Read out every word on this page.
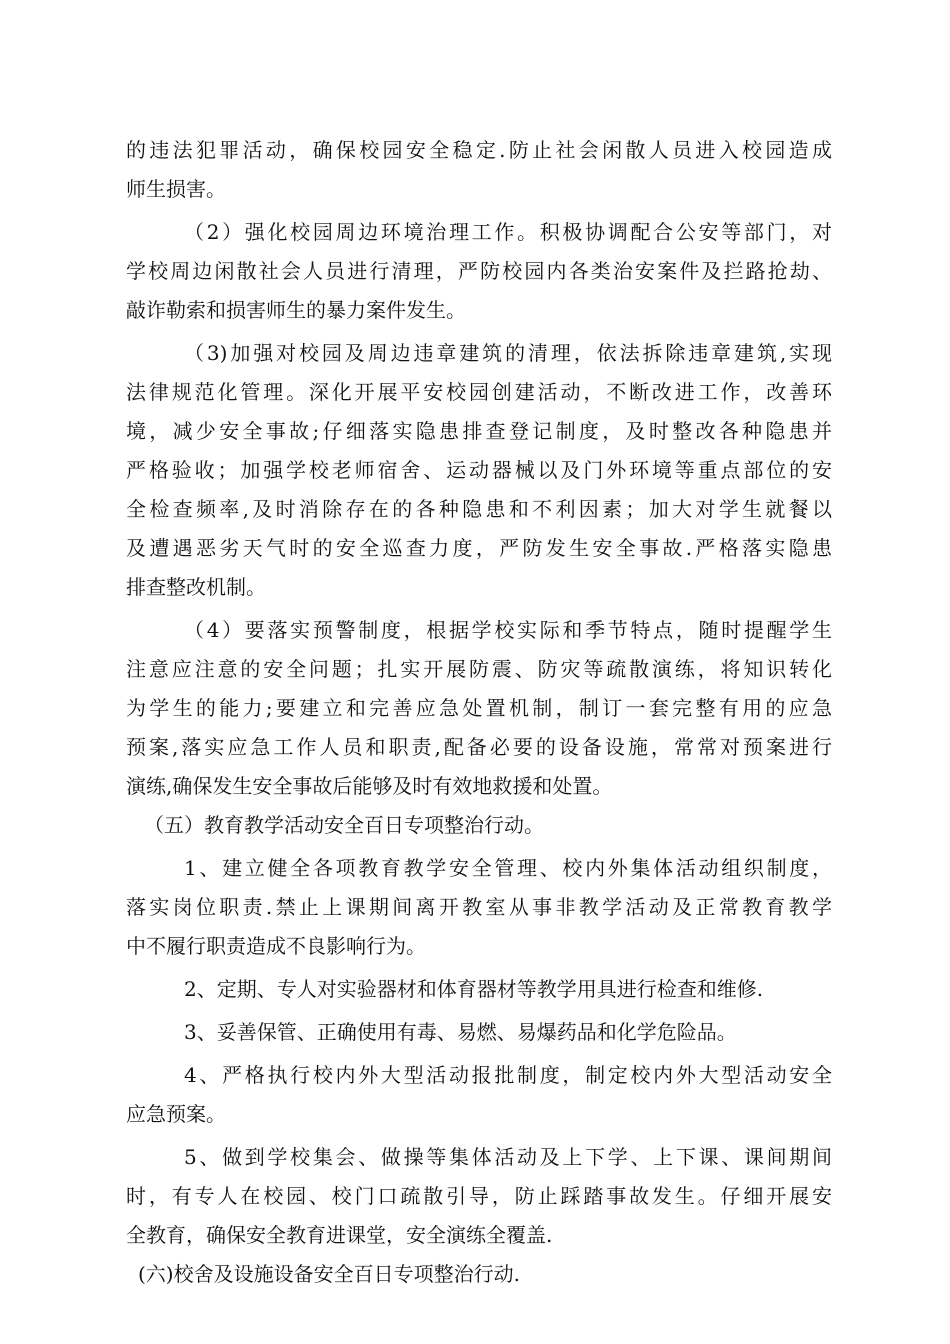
的违法犯罪活动，确保校园安全稳定.防止社会闲散人员进入校园造成
师生损害。
（2）强化校园周边环境治理工作。积极协调配合公安等部门，对
学校周边闲散社会人员进行清理，严防校园内各类治安案件及拦路抢劫、
敲诈勒索和损害师生的暴力案件发生。
（3)加强对校园及周边违章建筑的清理，依法拆除违章建筑,实现
法律规范化管理。深化开展平安校园创建活动，不断改进工作，改善环
境，减少安全事故;仔细落实隐患排查登记制度，及时整改各种隐患并
严格验收；加强学校老师宿舍、运动器械以及门外环境等重点部位的安
全检查频率,及时消除存在的各种隐患和不利因素；加大对学生就餐以
及遭遇恶劣天气时的安全巡查力度，严防发生安全事故.严格落实隐患
排查整改机制。
（4）要落实预警制度，根据学校实际和季节特点，随时提醒学生
注意应注意的安全问题；扎实开展防震、防灾等疏散演练，将知识转化
为学生的能力;要建立和完善应急处置机制，制订一套完整有用的应急
预案,落实应急工作人员和职责,配备必要的设备设施，常常对预案进行
演练,确保发生安全事故后能够及时有效地救援和处置。
（五）教育教学活动安全百日专项整治行动。
1、建立健全各项教育教学安全管理、校内外集体活动组织制度，
落实岗位职责.禁止上课期间离开教室从事非教学活动及正常教育教学
中不履行职责造成不良影响行为。
2、定期、专人对实验器材和体育器材等教学用具进行检查和维修.
3、妥善保管、正确使用有毒、易燃、易爆药品和化学危险品。
4、严格执行校内外大型活动报批制度，制定校内外大型活动安全
应急预案。
5、做到学校集会、做操等集体活动及上下学、上下课、课间期间
时，有专人在校园、校门口疏散引导，防止踩踏事故发生。仔细开展安
全教育，确保安全教育进课堂，安全演练全覆盖.
(六)校舍及设施设备安全百日专项整治行动.
